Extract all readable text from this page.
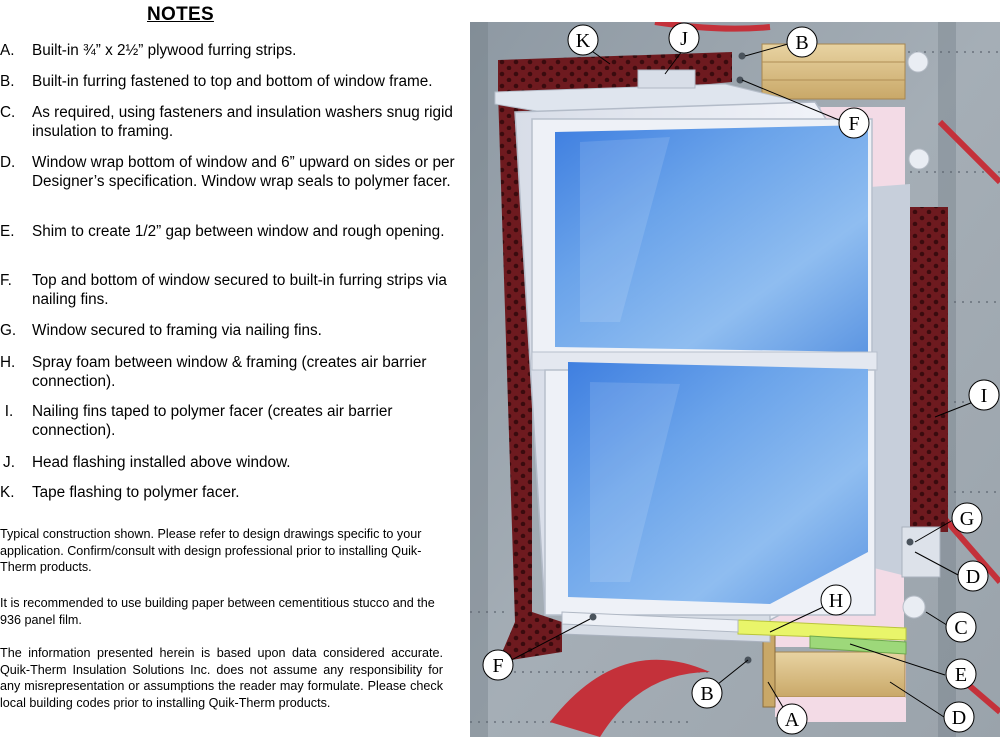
NOTES
A.	Built-in ¾” x 2½” plywood furring strips.
B.	Built-in furring fastened to top and bottom of window frame.
C.	As required, using fasteners and insulation washers snug rigid insulation to framing.
D.	Window wrap bottom of window and 6” upward on sides or per Designer’s specification. Window wrap seals to polymer facer.
E.	Shim to create 1/2” gap between window and rough opening.
F.	Top and bottom of window secured to built-in furring strips via nailing fins.
G.	Window secured to framing via nailing fins.
H.	Spray foam between window & framing (creates air barrier connection).
I.	Nailing fins taped to polymer facer (creates air barrier connection).
J. Head flashing installed above window.
K.	Tape flashing to polymer facer.
Typical construction shown. Please refer to design drawings specific to your application. Confirm/consult with design professional prior to installing Quik-Therm products.
It is recommended to use building paper between cementitious stucco and the 936 panel film.
The information presented herein is based upon data considered accurate. Quik-Therm Insulation Solutions Inc. does not assume any responsibility for any misrepresentation or assumptions the reader may formulate. Please check local building codes prior to installing Quik-Therm products.
K	J	B
F
I
G
D
H
C
E
F
B
A	D
